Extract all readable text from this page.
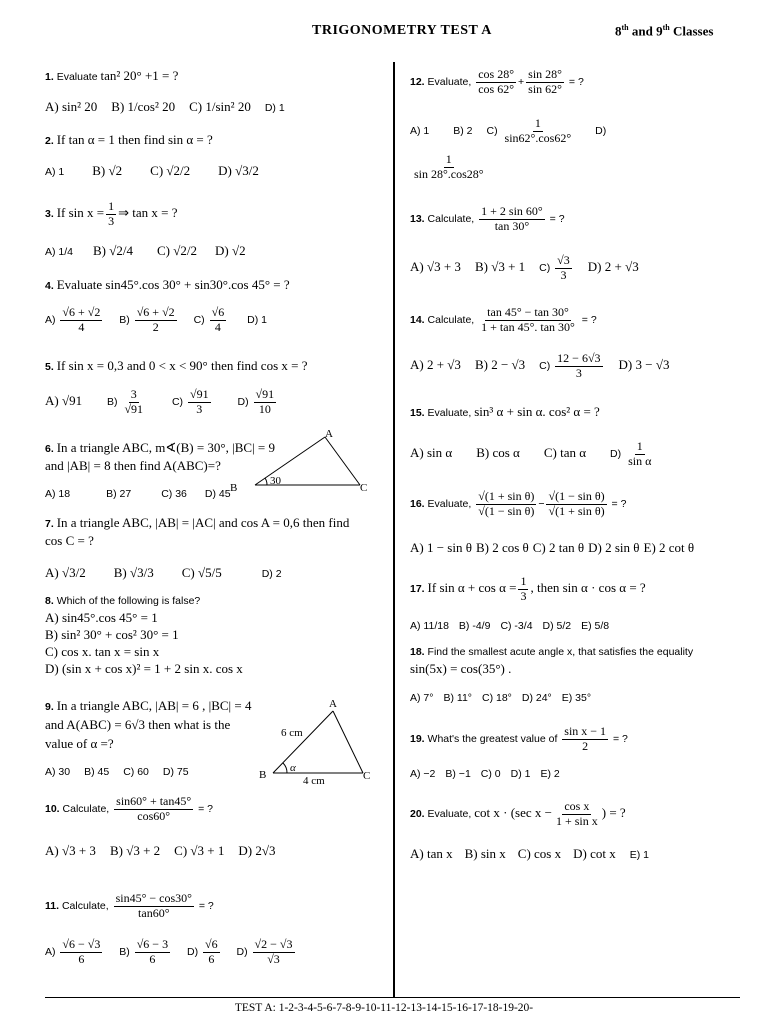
TRIGONOMETRY TEST A	8th and 9th Classes
1. Evaluate tan² 20° +1 = ?
A) sin² 20 B) 1/cos² 20 C) 1/sin² 20 D) 1
2. If tan α = 1 then find sin α = ?
A) 1 B) √2 C) √2/2 D) √3/2
3. If $\sin x = \frac{1}{3}$ ⇒ tan x = ?
A) 1/4 B) √2/4 C) √2/2 D) √2
4. Evaluate sin45°.cos 30° + sin30°.cos 45° = ?
$A) \frac{√6 + √2}{4} B) \frac{√6 + √2}{2} C) \frac{√6}{4} D$) 1
5. If sin x = 0,3 and 0 < x < 90° then find cos x = ?
A) √91 $B) \frac{3}{√91}$	$C) \frac{√91}{3}$	$D) \frac{√91}{10}$
6. In a triangle ABC, m∢(B) = 30°, |BC| = 9
and |AB| = 8 then find A(ABC)=?
A
B	C
30
A) 18	B) 27	C) 36 D) 45
7. In a triangle ABC, |AB| = |AC| and cos A = 0,6 then find
cos C = ?
A) √3/2 B) √3/3 C) √5/5	D) 2
8. Which of the following is false?
A) sin45°.cos 45° = 1
B) sin² 30° + cos² 30° = 1
C) cos x. tan x = sin x
D) (sin x + cos x)² = 1 + 2 sin x. cos x
9. In a triangle ABC, |AB| = 6 , |BC| = 4
and A(ABC) = 6√3 then what is the
value of α =?
A
B	C
6 cm
4 cm
α
A) 30 B) 45 C) 60 D) 75
10. Calculate, $\frac{\sin 60^\circ + \tan 45^\circ}{\cos 60^\circ}$ = ?
A) √3 + 3 B) √3 + 2 C) √3 + 1 D) 2√3
11. Calculate, $\frac{\sin 45^\circ - \cos 30^\circ}{\tan 60^\circ}$ = ?
$A) \frac{√6 - √3}{6} B) \frac{√6 - 3}{6} D) \frac{√6}{6} D) \frac{√2 - √3}{√3}$
12. Evaluate, $\frac{\cos 28^\circ}{\cos 62^\circ} + \frac{\sin 28^\circ}{\sin 62^\circ}$ = ?
A) 1 B) 2 $C) \frac{1}{\sin 62^\circ.\cos 62^\circ} D$)
$\frac{1}{\sin 28^\circ.\cos 28^\circ}$
13. Calculate, $\frac{1 + 2 \sin 60^\circ}{\tan 30^\circ}$ = ?
A) √3 + 3 B) √3 + 1 $C) \frac{√3}{3} D$) 2 + √3
14. Calculate, $\frac{\tan 45^\circ - \tan 30^\circ}{1 + \tan 45^\circ. \tan 30^\circ}$ = ?
A) 2 + √3 B) 2 − √3 $C) \frac{12 - 6√3}{3} D$) 3 − √3
15. Evaluate, sin³ α + sin α. cos² α = ?
A) sin α B) cos α C) tan α $D) \frac{1}{\text{sin α}}$
16. Evaluate, $\frac{\text{√(1 + sin θ)}}{\text{√(1 − sin θ)}} - \frac{\text{√(1 − sin θ)}}{\text{√(1 + sin θ)}}$ = ?
A) 1 − sin θ B) 2 cos θ C) 2 tan θ D) 2 sin θ E) 2 cot θ
17. If $\sin \alpha + \cos \alpha = \frac{1}{3}$ , then sin α · cos α = ?
A) 11/18 B) -4/9 C) -3/4 D) 5/2 E) 5/8
18. Find the smallest acute angle x, that satisfies the equality
sin(5x) = cos(35°) .
A) 7° B) 11° C) 18° D) 24° E) 35°
19. What's the greatest value of $\frac{\text{sin x − 1}}{2}$ = ?
A) −2 B) −1 C) 0 D) 1 E) 2
20. Evaluate, cot x · (sec $x - \frac{\text{cos x}}{\text{1 + sin x}}$ ) = ?
A) tan x B) sin x C) cos x D) cot x E) 1
TEST A: 1-2-3-4-5-6-7-8-9-10-11-12-13-14-15-16-17-18-19-20-
